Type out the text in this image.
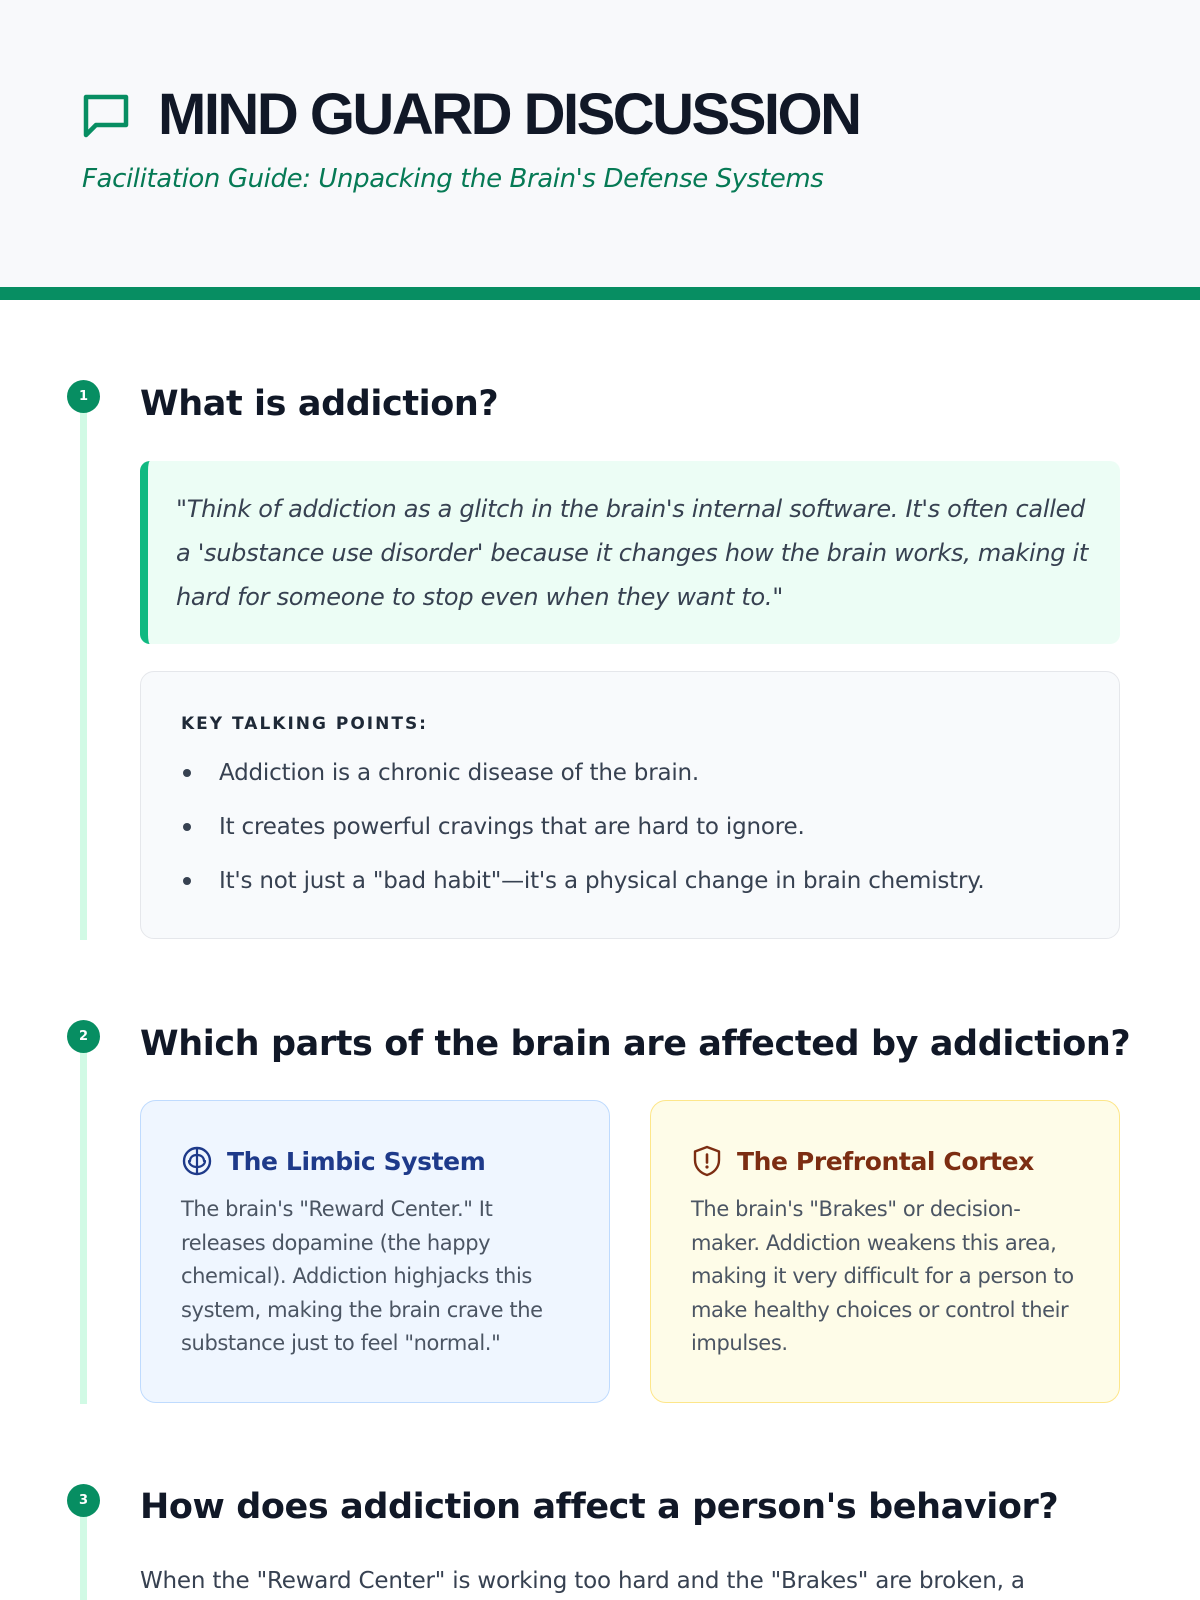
MIND GUARD DISCUSSION
Facilitation Guide: Unpacking the Brain's Defense Systems
1	What is addiction?

"Think of addiction as a glitch in the brain's internal software. It's often called a 'substance use disorder' because it changes how the brain works, making it hard for someone to stop even when they want to."

KEY TALKING POINTS:
Addiction is a chronic disease of the brain.
It creates powerful cravings that are hard to ignore.
It's not just a "bad habit"—it's a physical change in brain chemistry.
2	Which parts of the brain are affected by addiction?
The Limbic System

The brain's "Reward Center." It releases dopamine (the happy chemical). Addiction highjacks this system, making the brain crave the substance just to feel "normal."

The Prefrontal Cortex

The brain's "Brakes" or decision-maker. Addiction weakens this area, making it very difficult for a person to make healthy choices or control their impulses.

3	How does addiction affect a person's behavior?

When the "Reward Center" is working too hard and the "Brakes" are broken, a
